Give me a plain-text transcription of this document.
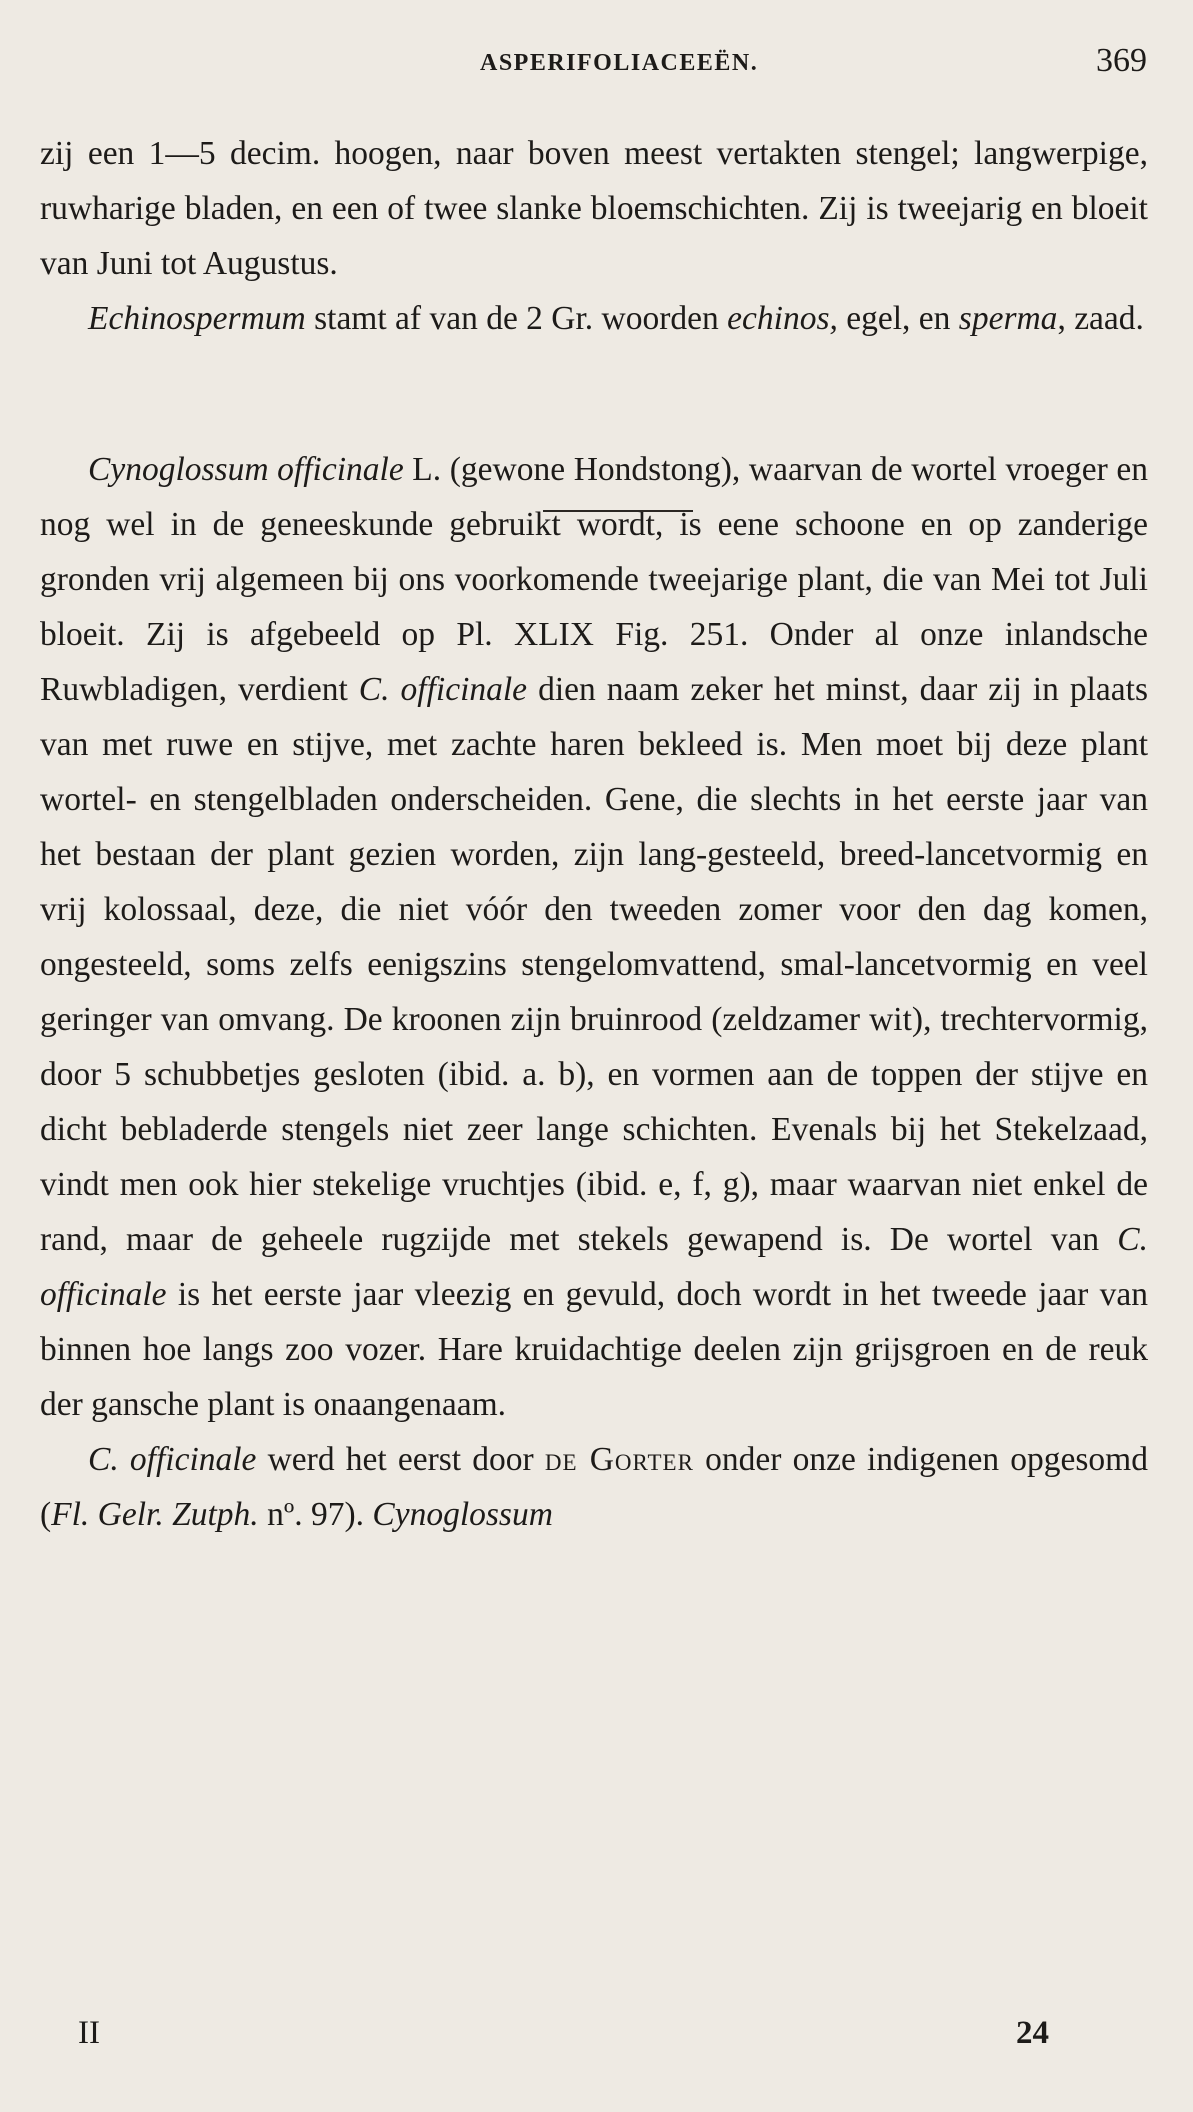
ASPERIFOLIACEEËN.	369

zij een 1—5 decim. hoogen, naar boven meest vertakten stengel; langwerpige, ruwharige bladen, en een of twee slanke bloemschichten. Zij is tweejarig en bloeit van Juni tot Augustus.

Echinospermum stamt af van de 2 Gr. woorden echinos, egel, en sperma, zaad.

Cynoglossum officinale L. (gewone Hondstong), waarvan de wortel vroeger en nog wel in de geneeskunde gebruikt wordt, is eene schoone en op zanderige gronden vrij algemeen bij ons voorkomende tweejarige plant, die van Mei tot Juli bloeit. Zij is afgebeeld op Pl. XLIX Fig. 251. Onder al onze inlandsche Ruwbladigen, verdient C. officinale dien naam zeker het minst, daar zij in plaats van met ruwe en stijve, met zachte haren bekleed is. Men moet bij deze plant wortel- en stengelbladen onderscheiden. Gene, die slechts in het eerste jaar van het bestaan der plant gezien worden, zijn lang-gesteeld, breed-lancetvormig en vrij kolossaal, deze, die niet vóór den tweeden zomer voor den dag komen, ongesteeld, soms zelfs eenigszins stengelomvattend, smal-lancetvormig en veel geringer van omvang. De kroonen zijn bruinrood (zeldzamer wit), trechtervormig, door 5 schubbetjes gesloten (ibid. a. b), en vormen aan de toppen der stijve en dicht bebladerde stengels niet zeer lange schichten. Evenals bij het Stekelzaad, vindt men ook hier stekelige vruchtjes (ibid. e, f, g), maar waarvan niet enkel de rand, maar de geheele rugzijde met stekels gewapend is. De wortel van C. officinale is het eerste jaar vleezig en gevuld, doch wordt in het tweede jaar van binnen hoe langs zoo vozer. Hare kruidachtige deelen zijn grijsgroen en de reuk der gansche plant is onaangenaam.

C. officinale werd het eerst door de Gorter onder onze indigenen opgesomd (Fl. Gelr. Zutph. nº. 97). Cynoglossum

II	24
